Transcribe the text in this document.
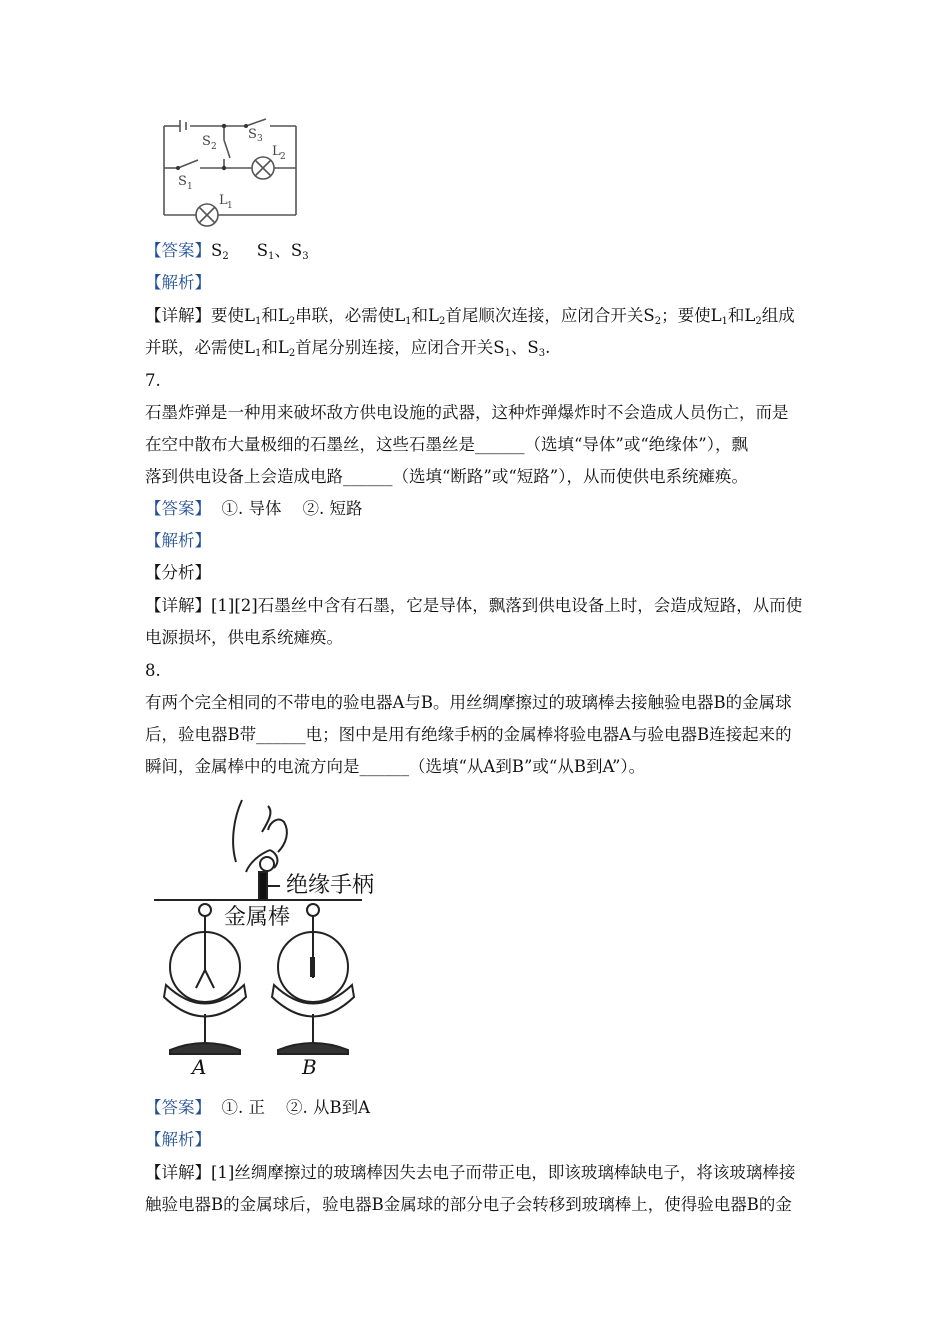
S 2
S 3
S 1
L 2
L 1
【答案】$S_2$ $S_1$、$S_3$
【解析】
【详解】要使$L_1$和$L_2$串联，必需使$L_1$和$L_2$首尾顺次连接，应闭合开关$S_2$；要使$L_1$和$L_2$组成
并联，必需使$L_1$和$L_2$首尾分别连接，应闭合开关$S_1$、$S_3$.
7.
石墨炸弹是一种用来破坏敌方供电设施的武器，这种炸弹爆炸时不会造成人员伤亡，而是
在空中散布大量极细的石墨丝，这些石墨丝是______（选填“导体”或“绝缘体”），飘
落到供电设备上会造成电路______（选填“断路”或“短路”），从而使供电系统瘫痪。
【答案】  ①. 导体    ②. 短路
【解析】
【分析】
【详解】[1][2]石墨丝中含有石墨，它是导体，飘落到供电设备上时，会造成短路，从而使
电源损坏，供电系统瘫痪。
8.
有两个完全相同的不带电的验电器A与B。用丝绸摩擦过的玻璃棒去接触验电器B的金属球
后，验电器B带______电；图中是用有绝缘手柄的金属棒将验电器A与验电器B连接起来的
瞬间，金属棒中的电流方向是______（选填“从A到B”或“从B到A”）。
绝缘手柄
金属棒
A	B
【答案】  ①. 正    ②. 从B到A
【解析】
【详解】[1]丝绸摩擦过的玻璃棒因失去电子而带正电，即该玻璃棒缺电子，将该玻璃棒接
触验电器B的金属球后，验电器B金属球的部分电子会转移到玻璃棒上，使得验电器B的金
